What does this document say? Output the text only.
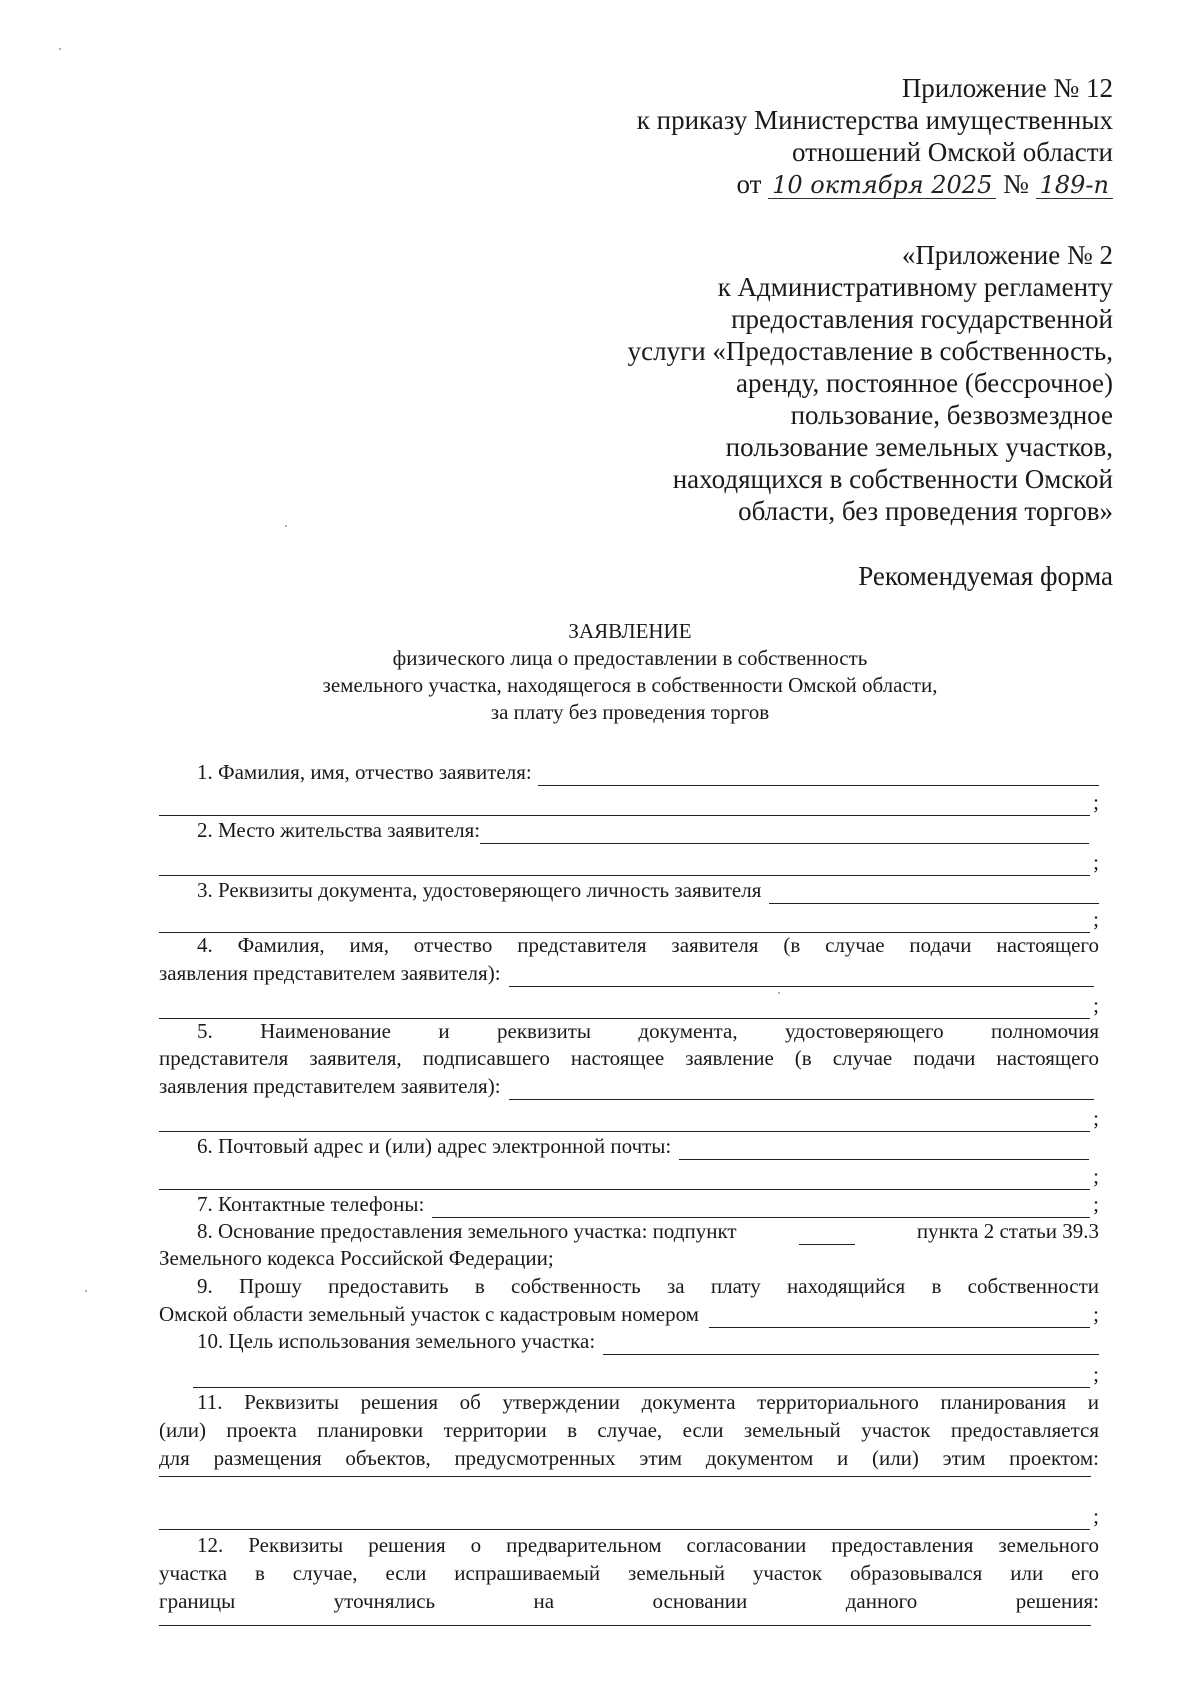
Приложение № 12
к приказу Министерства имущественных
отношений Омской области
от 10 октября 2025 № 189-п
«Приложение № 2
к Административному регламенту
предоставления государственной
услуги «Предоставление в собственность,
аренду, постоянное (бессрочное)
пользование, безвозмездное
пользование земельных участков,
находящихся в собственности Омской
области, без проведения торгов»
Рекомендуемая форма
ЗАЯВЛЕНИЕ
физического лица о предоставлении в собственность
земельного участка, находящегося в собственности Омской области,
за плату без проведения торгов
1. Фамилия, имя, отчество заявителя:
;
2. Место жительства заявителя:
;
3. Реквизиты документа, удостоверяющего личность заявителя
;
4. Фамилия, имя, отчество представителя заявителя (в случае подачи настоящего
заявления представителем заявителя):
;
5. Наименование и реквизиты документа, удостоверяющего полномочия
представителя заявителя, подписавшего настоящее заявление (в случае подачи настоящего
заявления представителем заявителя):
;
6. Почтовый адрес и (или) адрес электронной почты:
;
7. Контактные телефоны:	;
8. Основание предоставления земельного участка: подпункт	пункта 2 статьи 39.3
Земельного кодекса Российской Федерации;
9. Прошу предоставить в собственность за плату находящийся в собственности
Омской области земельный участок с кадастровым номером	;
10. Цель использования земельного участка:
;
11. Реквизиты решения об утверждении документа территориального планирования и
(или) проекта планировки территории в случае, если земельный участок предоставляется
для размещения объектов, предусмотренных этим документом и (или) этим проектом:
;
12. Реквизиты решения о предварительном согласовании предоставления земельного
участка в случае, если испрашиваемый земельный участок образовывался или его
границы уточнялись на основании данного решения:
